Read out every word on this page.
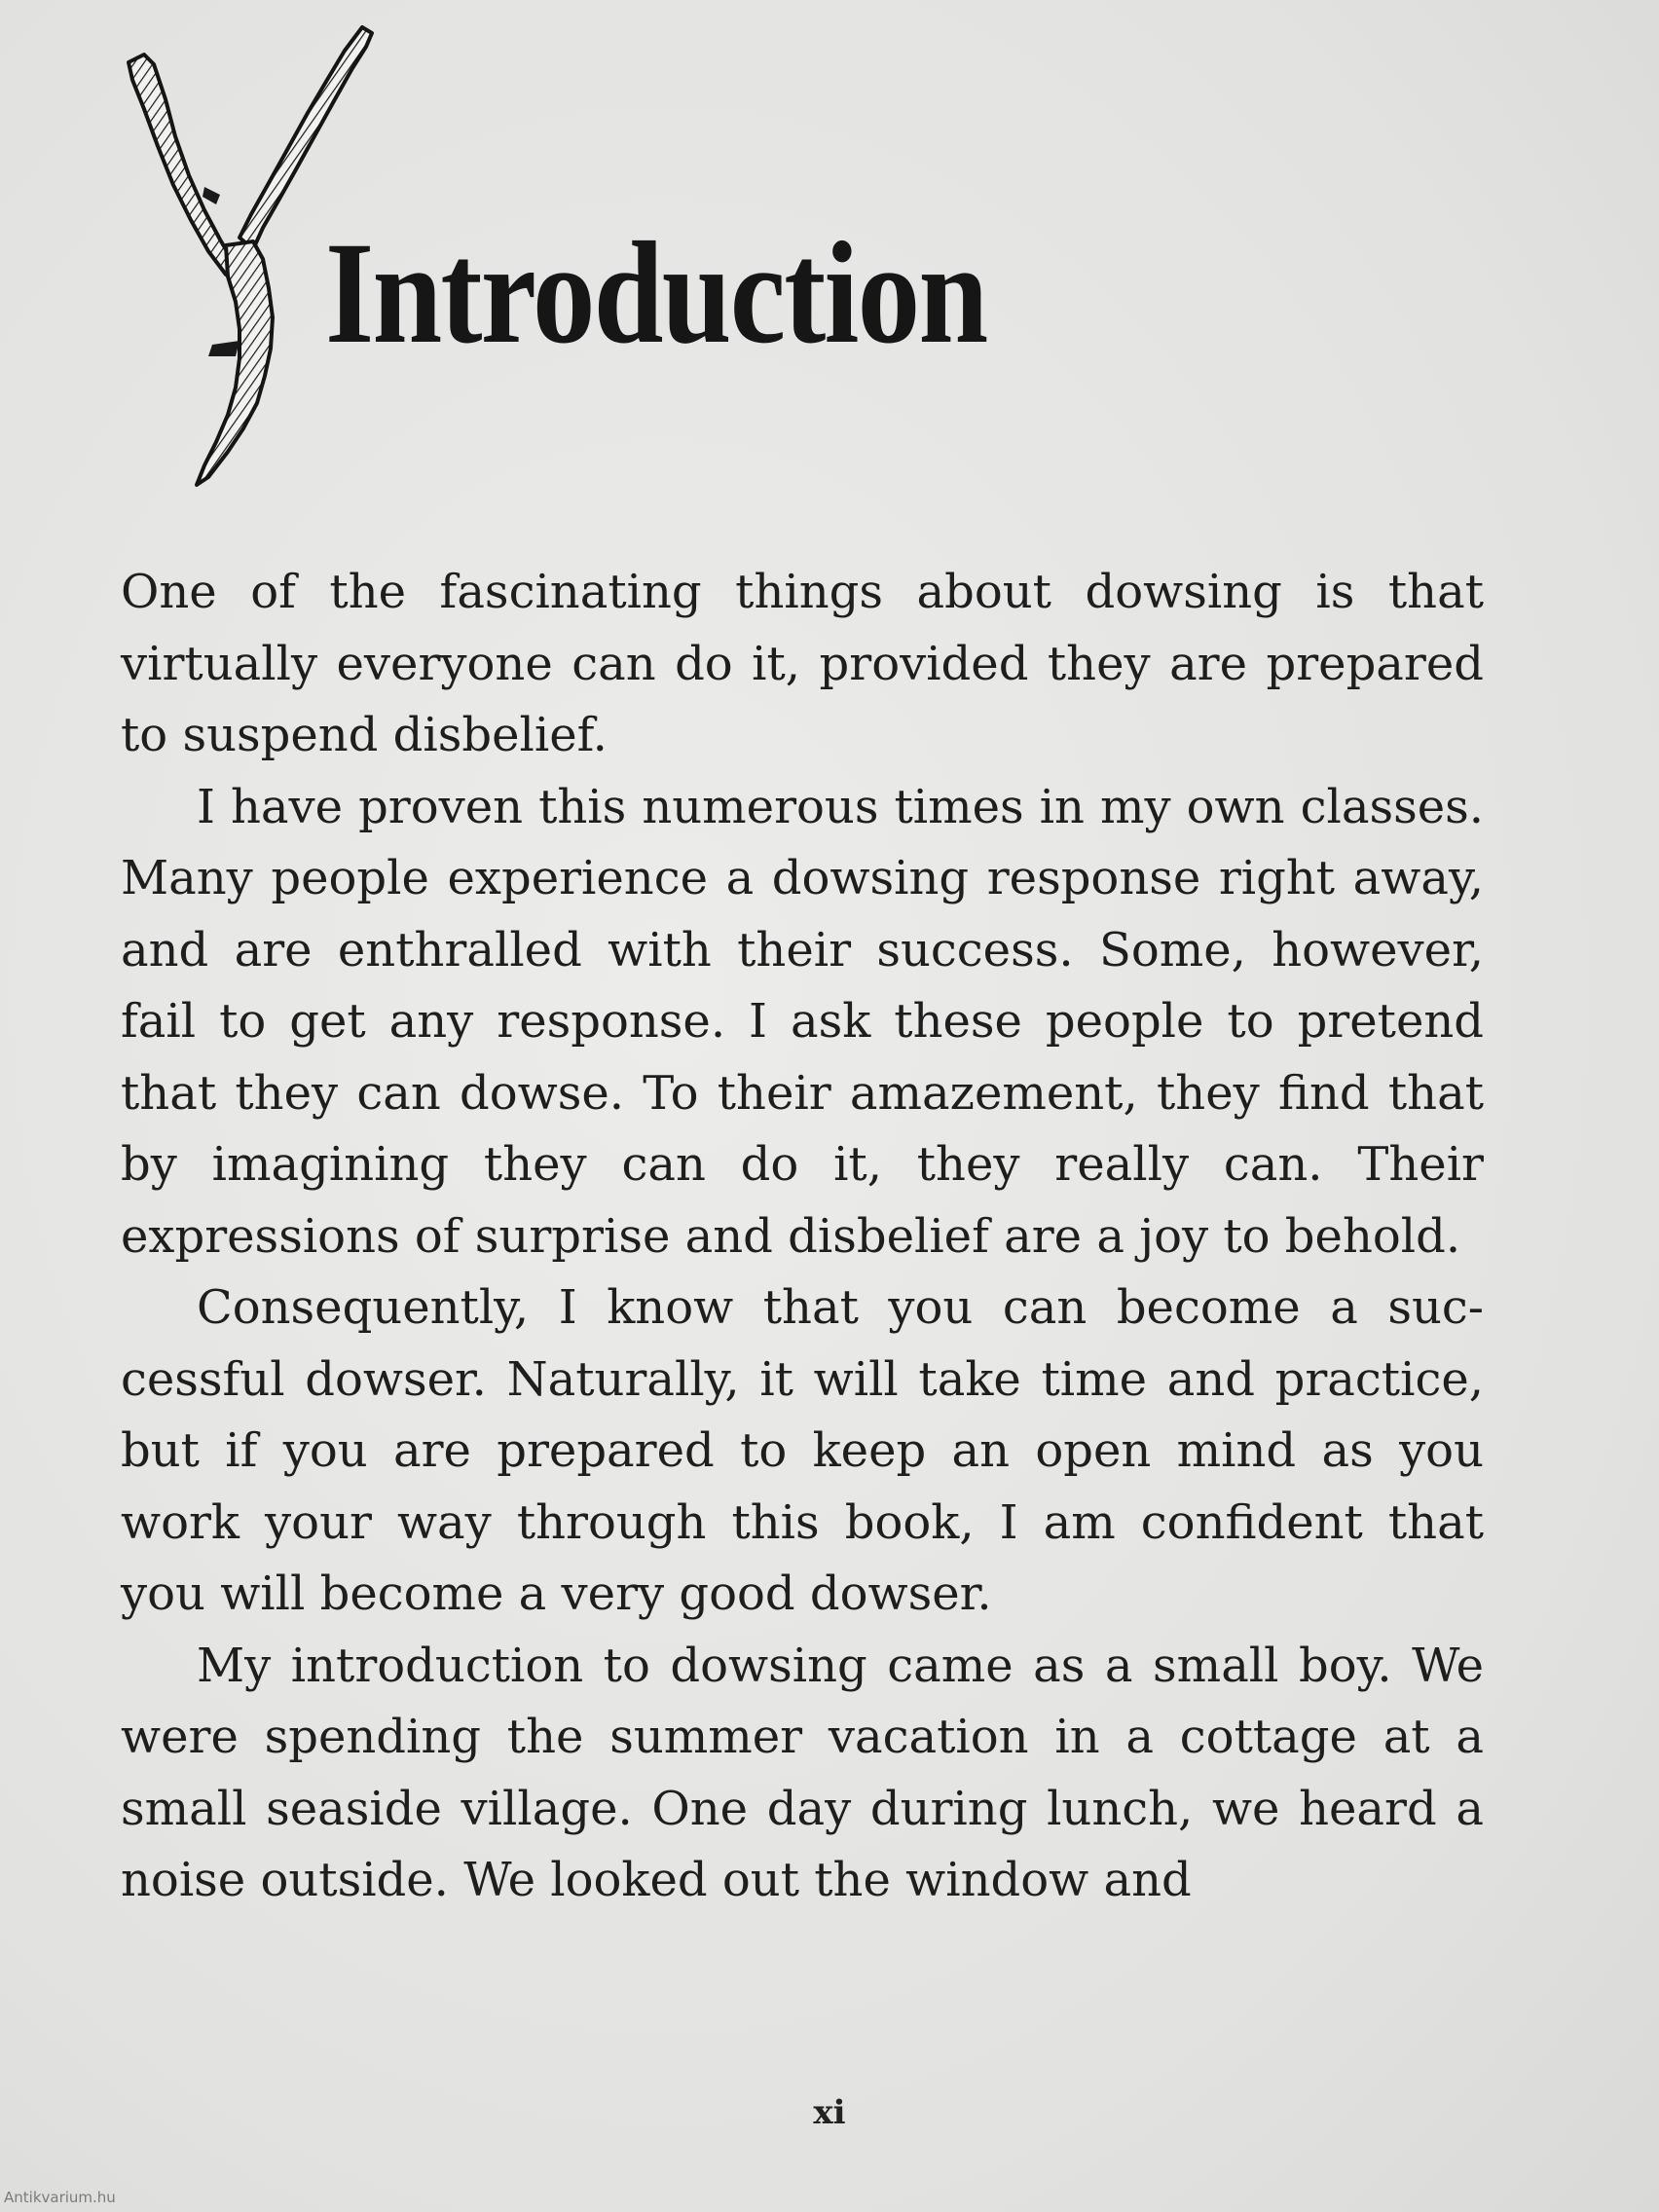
Introduction

One of the fascinating things about dowsing is that virtually everyone can do it, provided they are prepared to suspend disbelief.

I have proven this numerous times in my own classes. Many people experience a dowsing response right away, and are enthralled with their success. Some, however, fail to get any response. I ask these people to pretend that they can dowse. To their amazement, they find that by imagining they can do it, they really can. Their expressions of surprise and disbelief are a joy to behold.

Consequently, I know that you can become a successful dowser. Naturally, it will take time and practice, but if you are prepared to keep an open mind as you work your way through this book, I am confident that you will become a very good dowser.

My introduction to dowsing came as a small boy. We were spending the summer vacation in a cottage at a small seaside village. One day during lunch, we heard a noise outside. We looked out the window and

xi
Antikvarium.hu
